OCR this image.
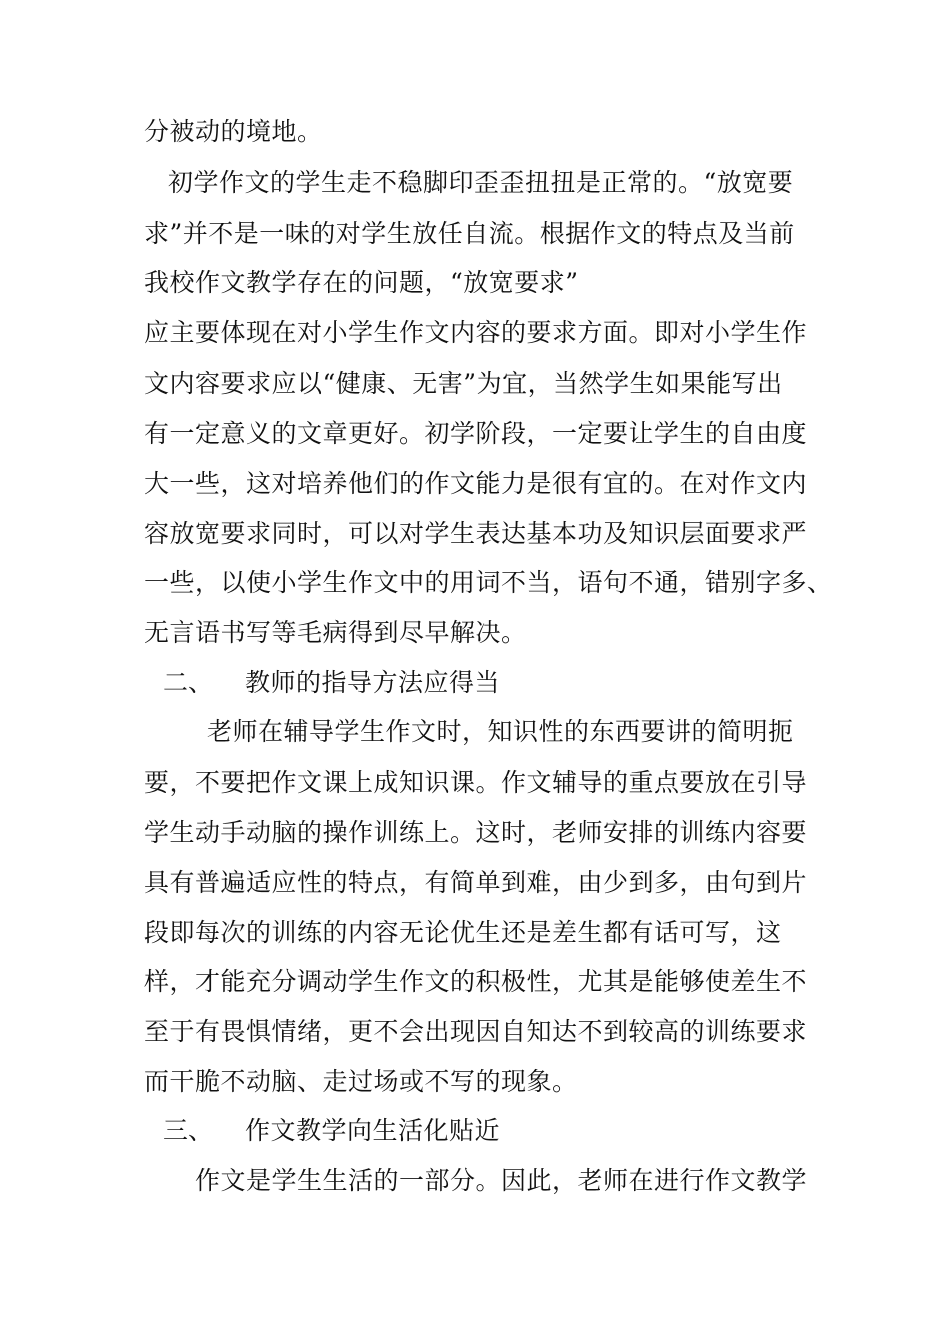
分被动的境地。
初学作文的学生走不稳脚印歪歪扭扭是正常的。“放宽要
求”并不是一味的对学生放任自流。根据作文的特点及当前
我校作文教学存在的问题，“放宽要求”
应主要体现在对小学生作文内容的要求方面。即对小学生作
文内容要求应以“健康、无害”为宜，当然学生如果能写出
有一定意义的文章更好。初学阶段，一定要让学生的自由度
大一些，这对培养他们的作文能力是很有宜的。在对作文内
容放宽要求同时，可以对学生表达基本功及知识层面要求严
一些，以使小学生作文中的用词不当，语句不通，错别字多、
无言语书写等毛病得到尽早解决。
二、 教师的指导方法应得当
老师在辅导学生作文时，知识性的东西要讲的简明扼
要，不要把作文课上成知识课。作文辅导的重点要放在引导
学生动手动脑的操作训练上。这时，老师安排的训练内容要
具有普遍适应性的特点，有简单到难，由少到多，由句到片
段即每次的训练的内容无论优生还是差生都有话可写，这
样，才能充分调动学生作文的积极性，尤其是能够使差生不
至于有畏惧情绪，更不会出现因自知达不到较高的训练要求
而干脆不动脑、走过场或不写的现象。
三、 作文教学向生活化贴近
作文是学生生活的一部分。因此，老师在进行作文教学
